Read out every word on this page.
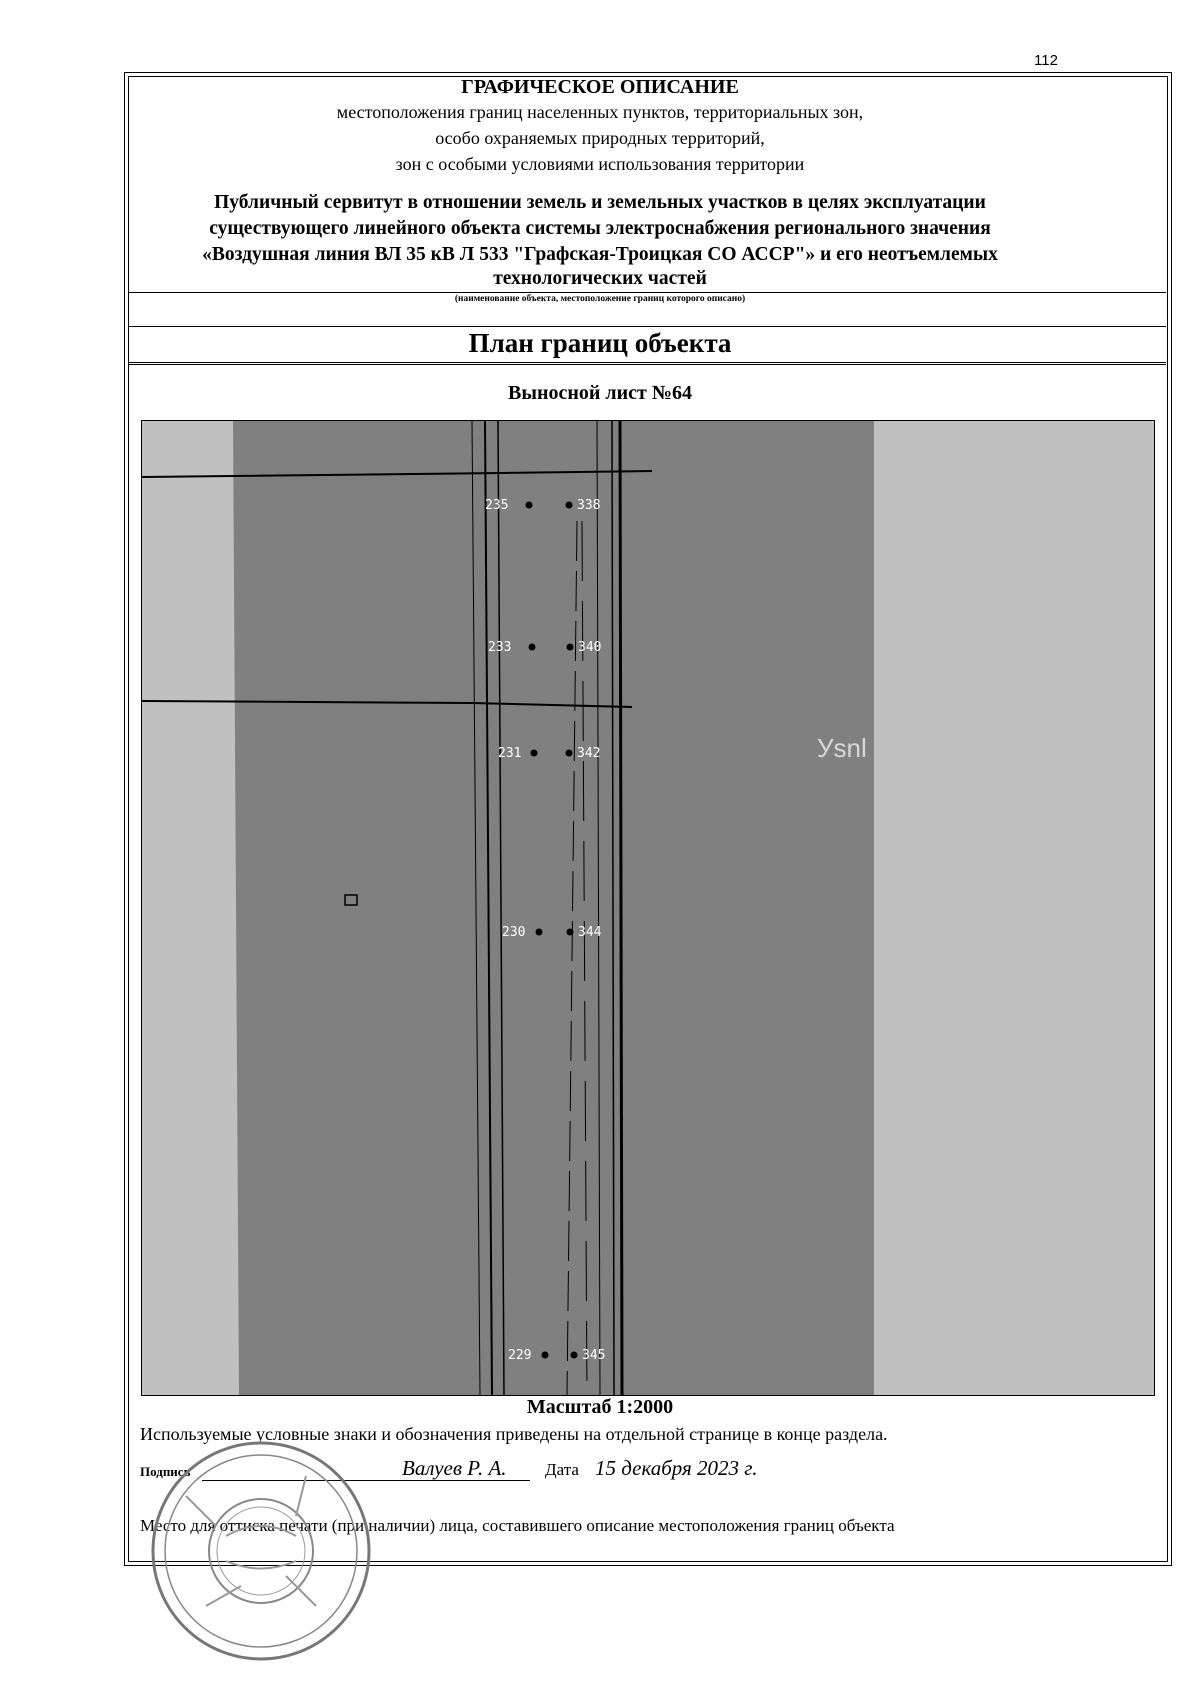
112
ГРАФИЧЕСКОЕ ОПИСАНИЕ
местоположения границ населенных пунктов, территориальных зон,
особо охраняемых природных территорий,
зон с особыми условиями использования территории
Публичный сервитут в отношении земель и земельных участков в целях эксплуатации
существующего линейного объекта системы электроснабжения регионального значения
«Воздушная линия ВЛ 35 кВ Л 533 "Графская-Троицкая СО АССР"» и его неотъемлемых
технологических частей
(наименование объекта, местоположение границ которого описано)
План границ объекта
Выносной лист №64
235	338
233	340
231	342
230	344
229	345
Уsnl
Масштаб 1:2000
Используемые условные знаки и обозначения приведены на отдельной странице в конце раздела.
Подпись	Валуев Р. А. Дата 15 декабря 2023 г.
Место для оттиска печати (при наличии) лица, составившего описание местоположения границ объекта
